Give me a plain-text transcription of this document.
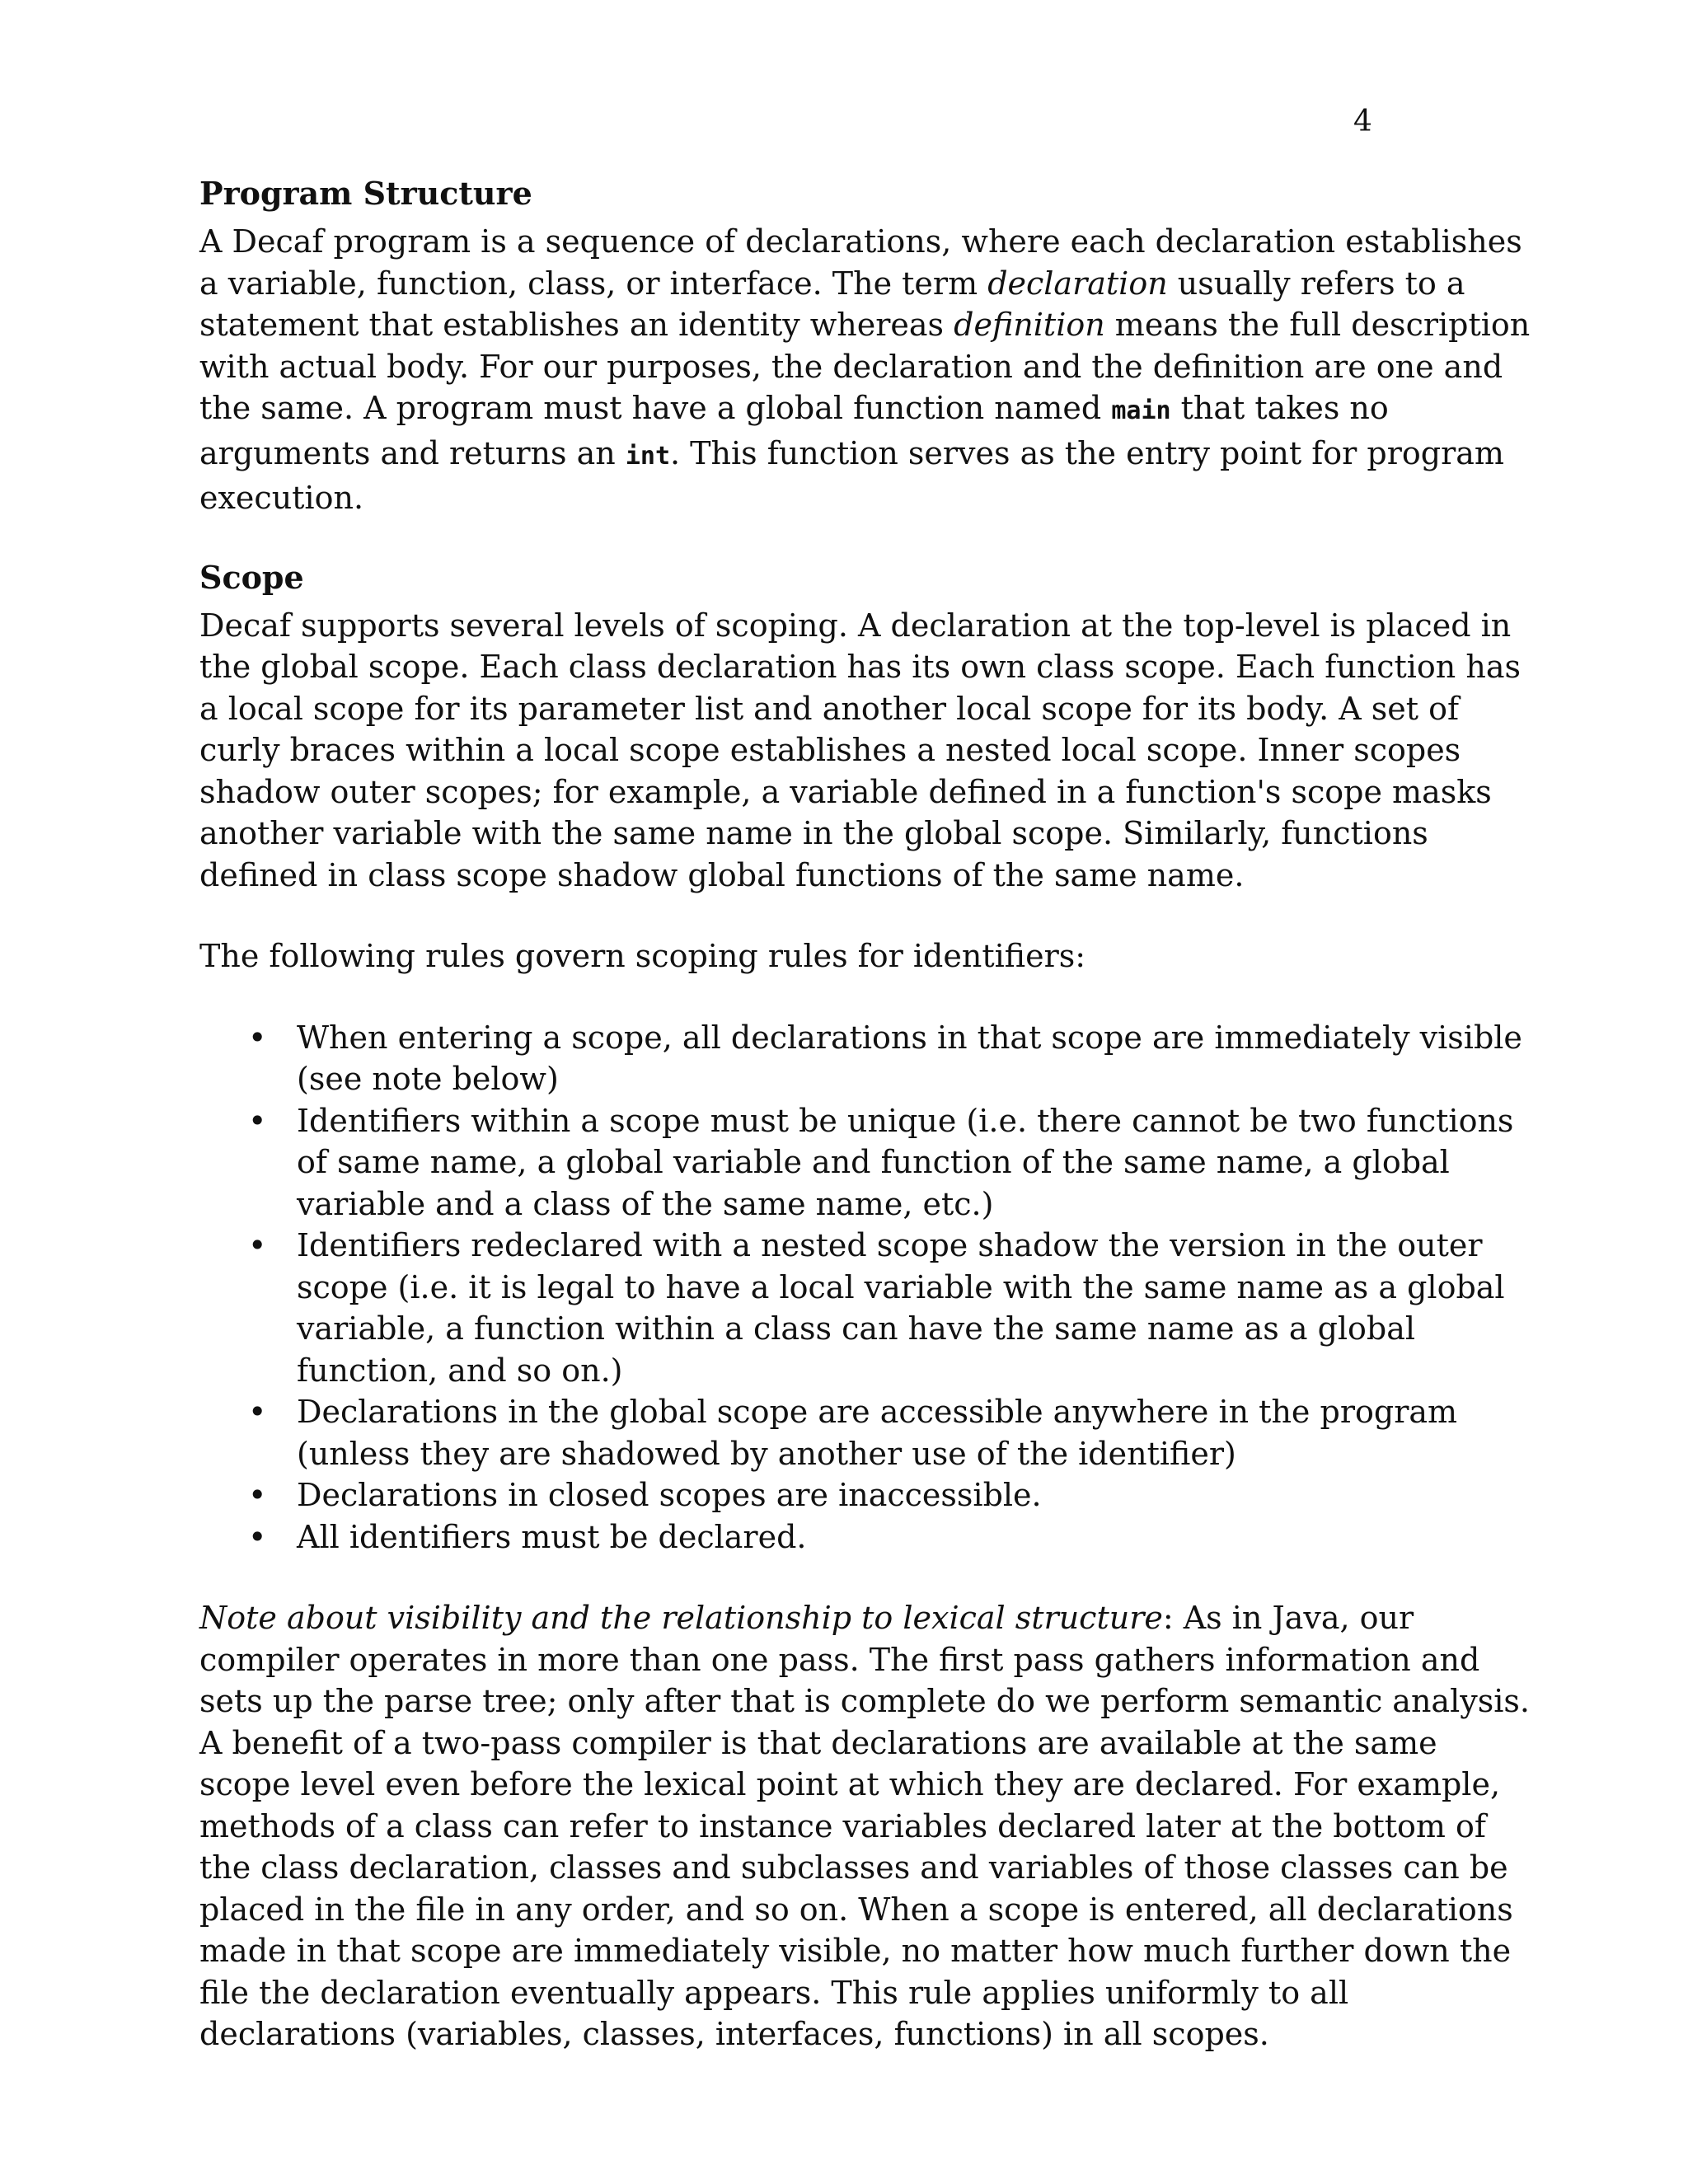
4
Program Structure

A Decaf program is a sequence of declarations, where each declaration establishes a variable, function, class, or interface. The term declaration usually refers to a statement that establishes an identity whereas definition means the full description with actual body. For our purposes, the declaration and the definition are one and the same. A program must have a global function named main that takes no arguments and returns an int. This function serves as the entry point for program execution.

Scope

Decaf supports several levels of scoping. A declaration at the top-level is placed in the global scope. Each class declaration has its own class scope. Each function has a local scope for its parameter list and another local scope for its body. A set of curly braces within a local scope establishes a nested local scope. Inner scopes shadow outer scopes; for example, a variable defined in a function's scope masks another variable with the same name in the global scope. Similarly, functions defined in class scope shadow global functions of the same name.

The following rules govern scoping rules for identifiers:

• When entering a scope, all declarations in that scope are immediately visible (see note below)
• Identifiers within a scope must be unique (i.e. there cannot be two functions of same name, a global variable and function of the same name, a global variable and a class of the same name, etc.)
• Identifiers redeclared with a nested scope shadow the version in the outer scope (i.e. it is legal to have a local variable with the same name as a global variable, a function within a class can have the same name as a global function, and so on.)
• Declarations in the global scope are accessible anywhere in the program (unless they are shadowed by another use of the identifier)
• Declarations in closed scopes are inaccessible.
• All identifiers must be declared.

Note about visibility and the relationship to lexical structure: As in Java, our compiler operates in more than one pass. The first pass gathers information and sets up the parse tree; only after that is complete do we perform semantic analysis. A benefit of a two-pass compiler is that declarations are available at the same scope level even before the lexical point at which they are declared. For example, methods of a class can refer to instance variables declared later at the bottom of the class declaration, classes and subclasses and variables of those classes can be placed in the file in any order, and so on. When a scope is entered, all declarations made in that scope are immediately visible, no matter how much further down the file the declaration eventually appears. This rule applies uniformly to all declarations (variables, classes, interfaces, functions) in all scopes.
